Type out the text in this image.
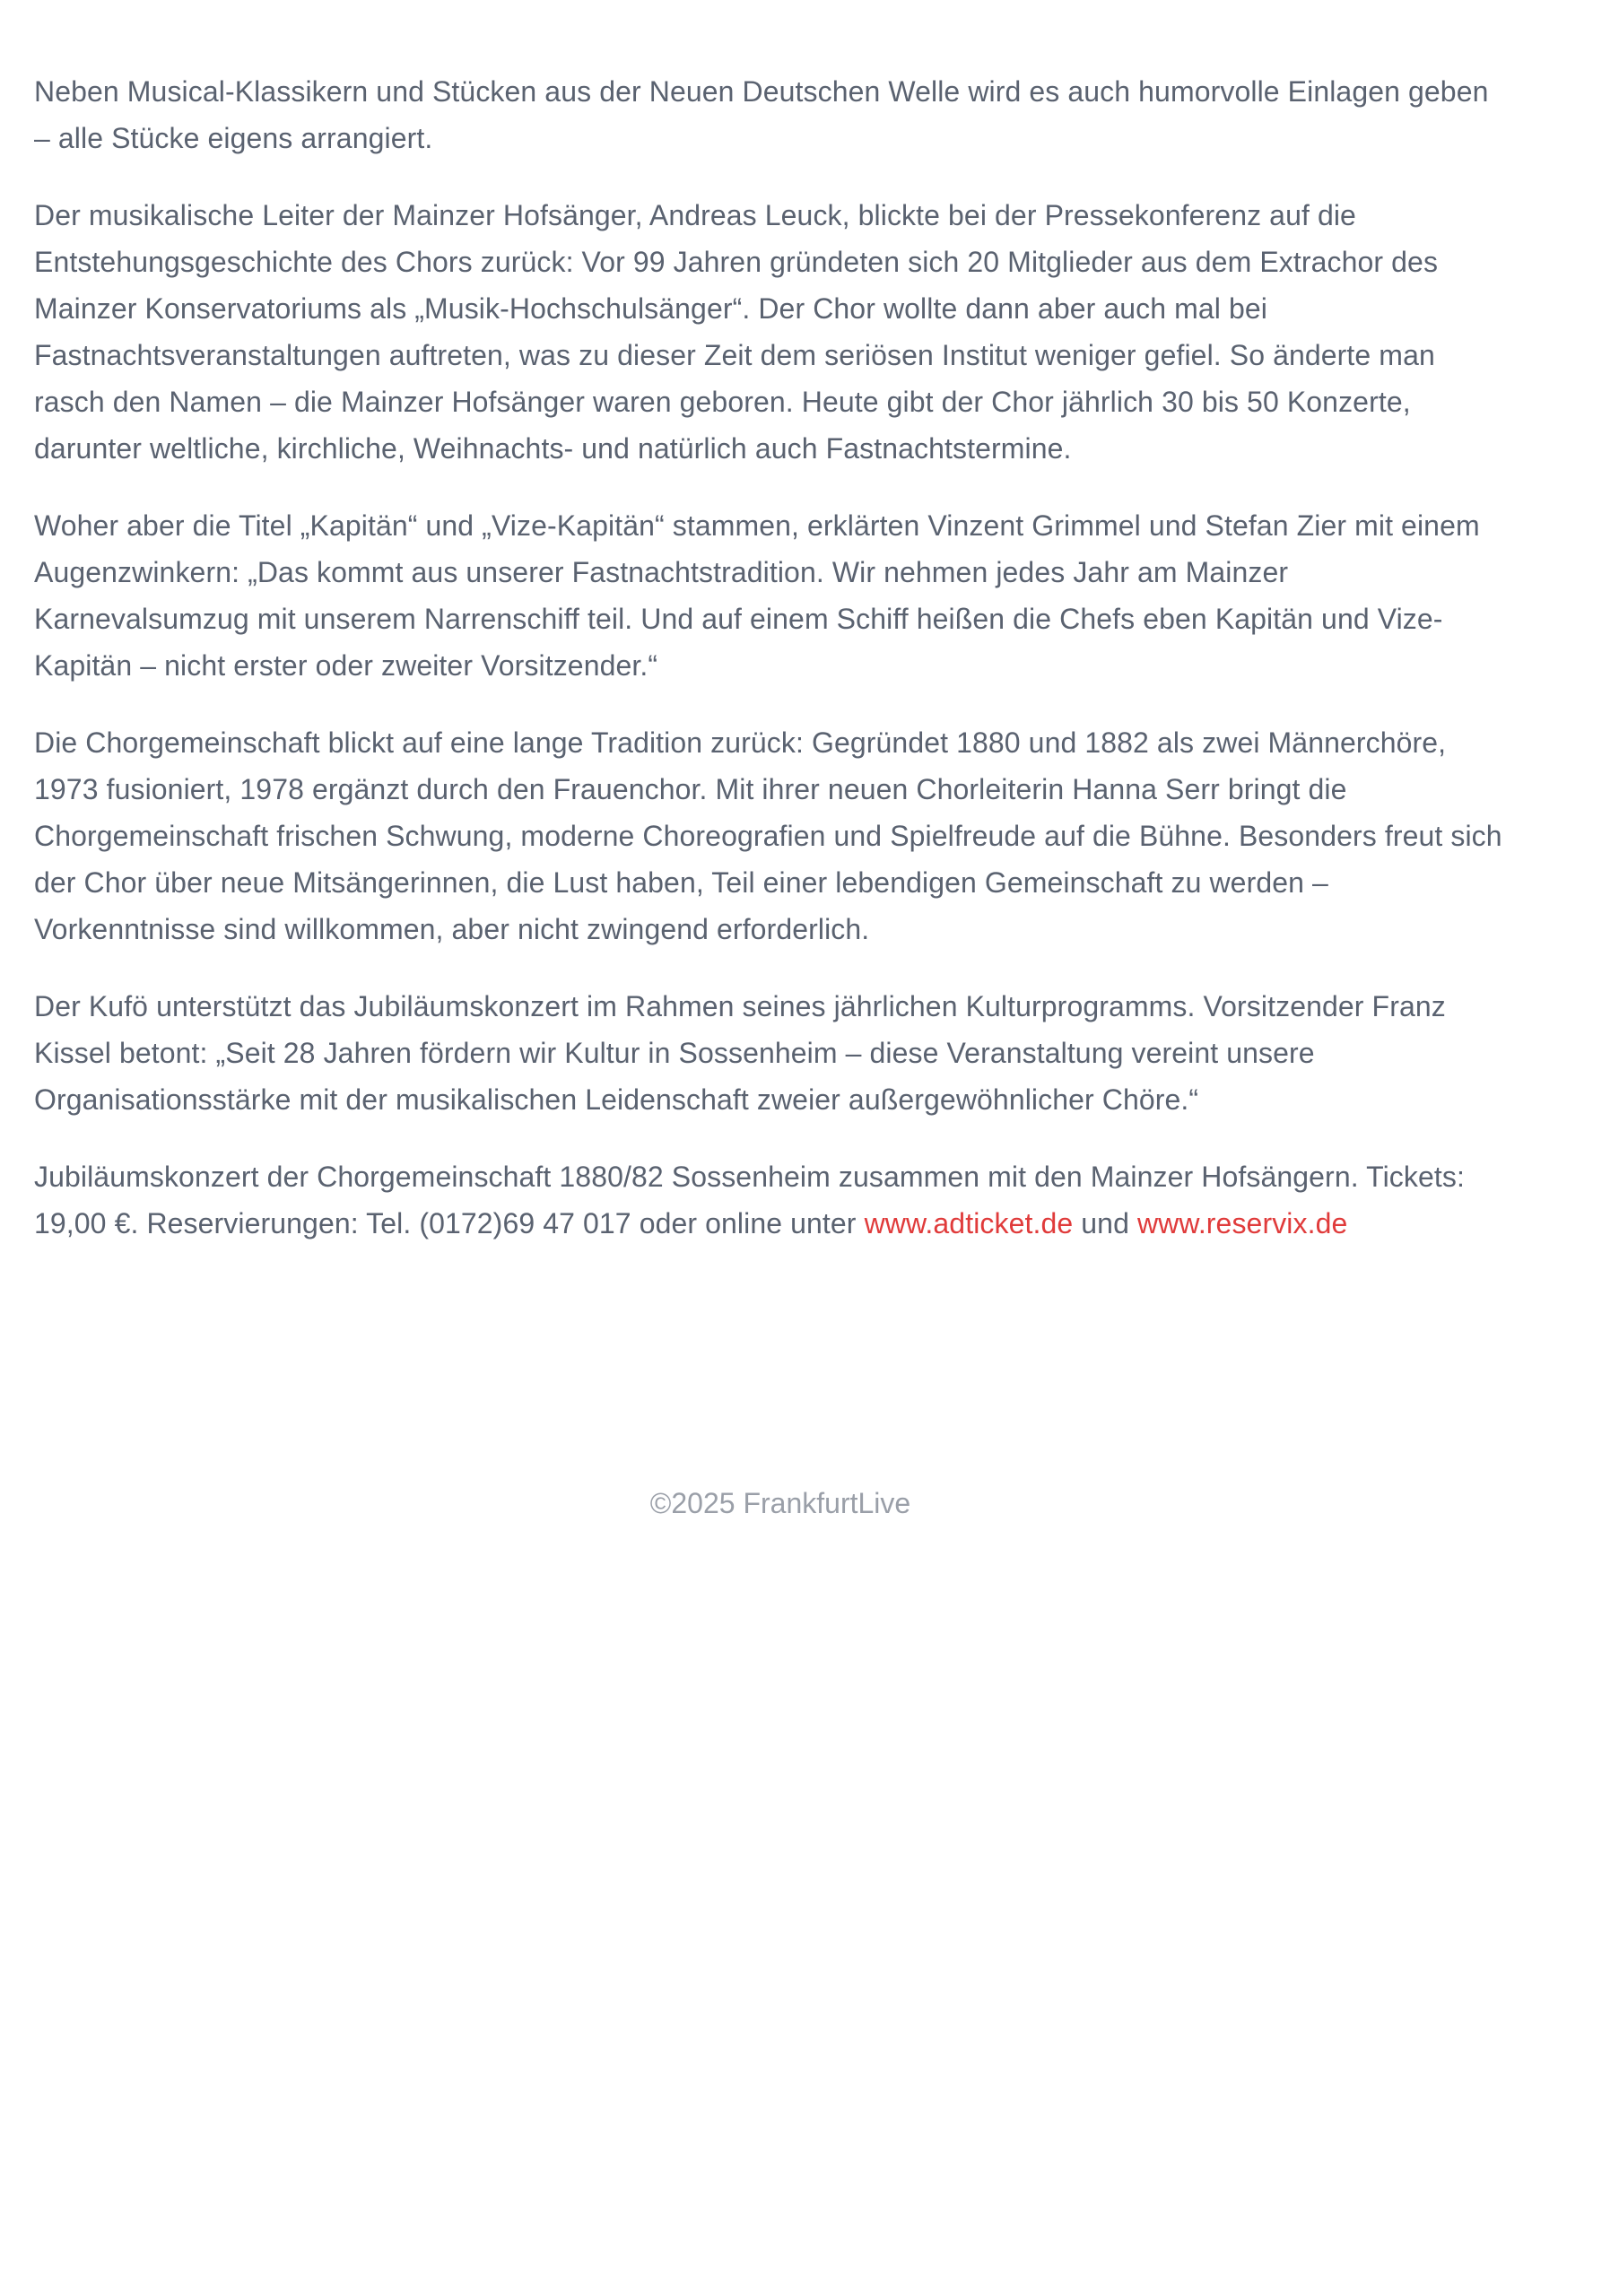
Neben Musical-Klassikern und Stücken aus der Neuen Deutschen Welle wird es auch humorvolle Einlagen geben – alle Stücke eigens arrangiert.

Der musikalische Leiter der Mainzer Hofsänger, Andreas Leuck, blickte bei der Pressekonferenz auf die Entstehungsgeschichte des Chors zurück: Vor 99 Jahren gründeten sich 20 Mitglieder aus dem Extrachor des Mainzer Konservatoriums als „Musik-Hochschulsänger“. Der Chor wollte dann aber auch mal bei Fastnachtsveranstaltungen auftreten, was zu dieser Zeit dem seriösen Institut weniger gefiel. So änderte man rasch den Namen – die Mainzer Hofsänger waren geboren. Heute gibt der Chor jährlich 30 bis 50 Konzerte, darunter weltliche, kirchliche, Weihnachts- und natürlich auch Fastnachtstermine.

Woher aber die Titel „Kapitän“ und „Vize-Kapitän“ stammen, erklärten Vinzent Grimmel und Stefan Zier mit einem Augenzwinkern: „Das kommt aus unserer Fastnachtstradition. Wir nehmen jedes Jahr am Mainzer Karnevalsumzug mit unserem Narrenschiff teil. Und auf einem Schiff heißen die Chefs eben Kapitän und Vize-Kapitän – nicht erster oder zweiter Vorsitzender.“

Die Chorgemeinschaft blickt auf eine lange Tradition zurück: Gegründet 1880 und 1882 als zwei Männerchöre, 1973 fusioniert, 1978 ergänzt durch den Frauenchor. Mit ihrer neuen Chorleiterin Hanna Serr bringt die Chorgemeinschaft frischen Schwung, moderne Choreografien und Spielfreude auf die Bühne. Besonders freut sich der Chor über neue Mitsängerinnen, die Lust haben, Teil einer lebendigen Gemeinschaft zu werden – Vorkenntnisse sind willkommen, aber nicht zwingend erforderlich.

Der Kufö unterstützt das Jubiläumskonzert im Rahmen seines jährlichen Kulturprogramms. Vorsitzender Franz Kissel betont: „Seit 28 Jahren fördern wir Kultur in Sossenheim – diese Veranstaltung vereint unsere Organisationsstärke mit der musikalischen Leidenschaft zweier außergewöhnlicher Chöre.“

Jubiläumskonzert der Chorgemeinschaft 1880/82 Sossenheim zusammen mit den Mainzer Hofsängern. Tickets: 19,00 €. Reservierungen: Tel. (0172)69 47 017 oder online unter www.adticket.de und www.reservix.de

©2025 FrankfurtLive
